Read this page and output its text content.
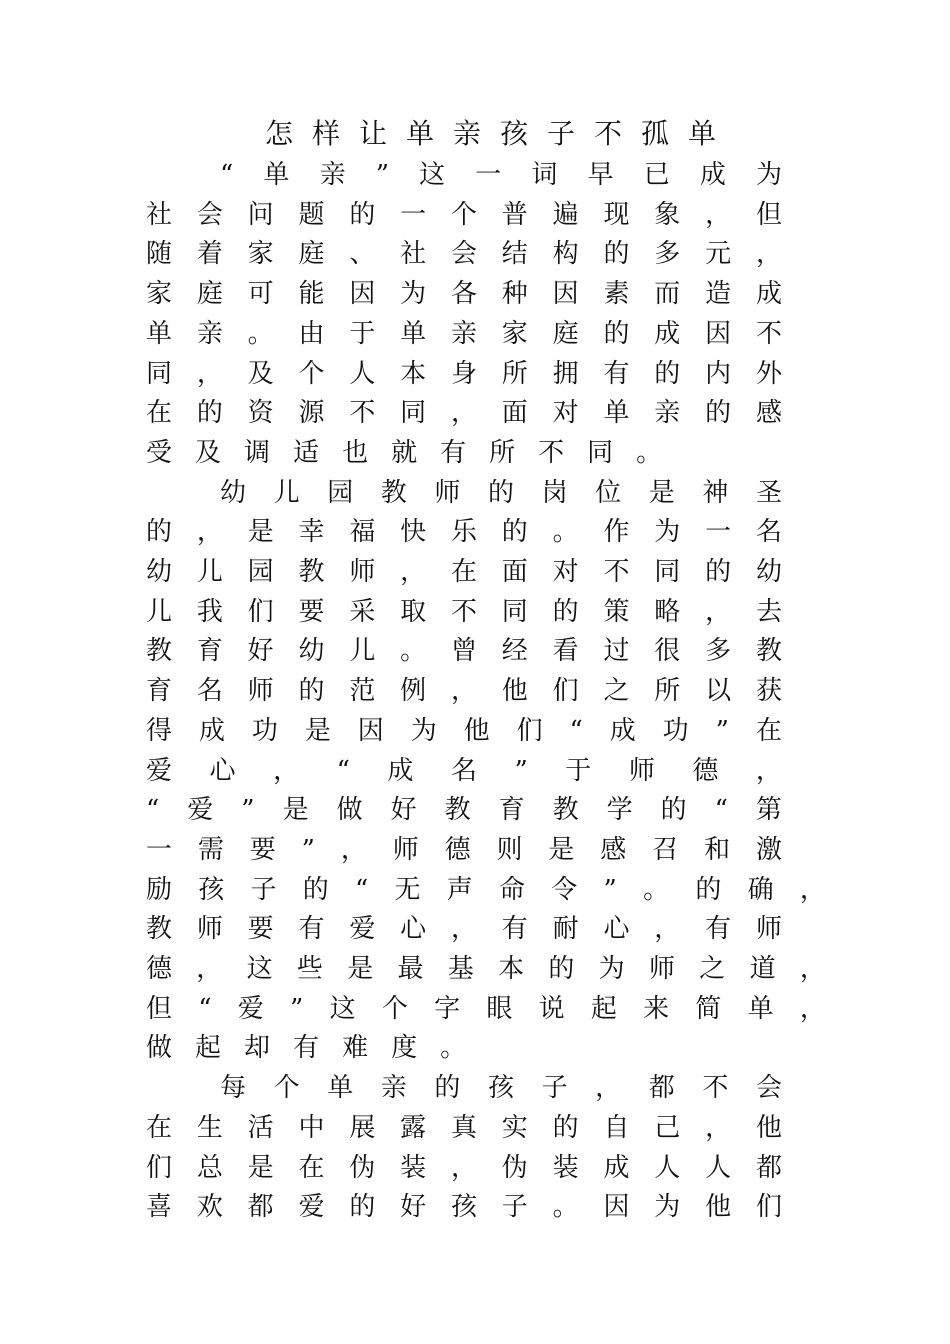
怎样让单亲孩子不孤单
“ 单 亲 ” 这 一 词 早 已 成 为
社 会 问 题 的 一 个 普 遍 现 象 ， 但
随 着 家 庭 、 社 会 结 构 的 多 元 ，
家 庭 可 能 因 为 各 种 因 素 而 造 成
单 亲 。 由 于 单 亲 家 庭 的 成 因 不
同 ， 及 个 人 本 身 所 拥 有 的 内 外
在 的 资 源 不 同 ， 面 对 单 亲 的 感
受 及 调 适 也 就 有 所 不 同 。
幼 儿 园 教 师 的 岗 位 是 神 圣
的 ， 是 幸 福 快 乐 的 。 作 为 一 名
幼 儿 园 教 师 ， 在 面 对 不 同 的 幼
儿 我 们 要 采 取 不 同 的 策 略 ， 去
教 育 好 幼 儿 。 曾 经 看 过 很 多 教
育 名 师 的 范 例 ， 他 们 之 所 以 获
得 成 功 是 因 为 他 们 “ 成 功 ” 在
爱 心 ， “ 成 名 ” 于 师 德 ，
“ 爱 ” 是 做 好 教 育 教 学 的 “ 第
一 需 要 ” ， 师 德 则 是 感 召 和 激
励 孩 子 的 “ 无 声 命 令 ” 。 的 确 ，
教 师 要 有 爱 心 ， 有 耐 心 ， 有 师
德 ， 这 些 是 最 基 本 的 为 师 之 道 ，
但 “ 爱 ” 这 个 字 眼 说 起 来 简 单 ，
做 起 却 有 难 度 。
每 个 单 亲 的 孩 子 ， 都 不 会
在 生 活 中 展 露 真 实 的 自 己 ， 他
们 总 是 在 伪 装 ， 伪 装 成 人 人 都
喜 欢 都 爱 的 好 孩 子 。 因 为 他 们
